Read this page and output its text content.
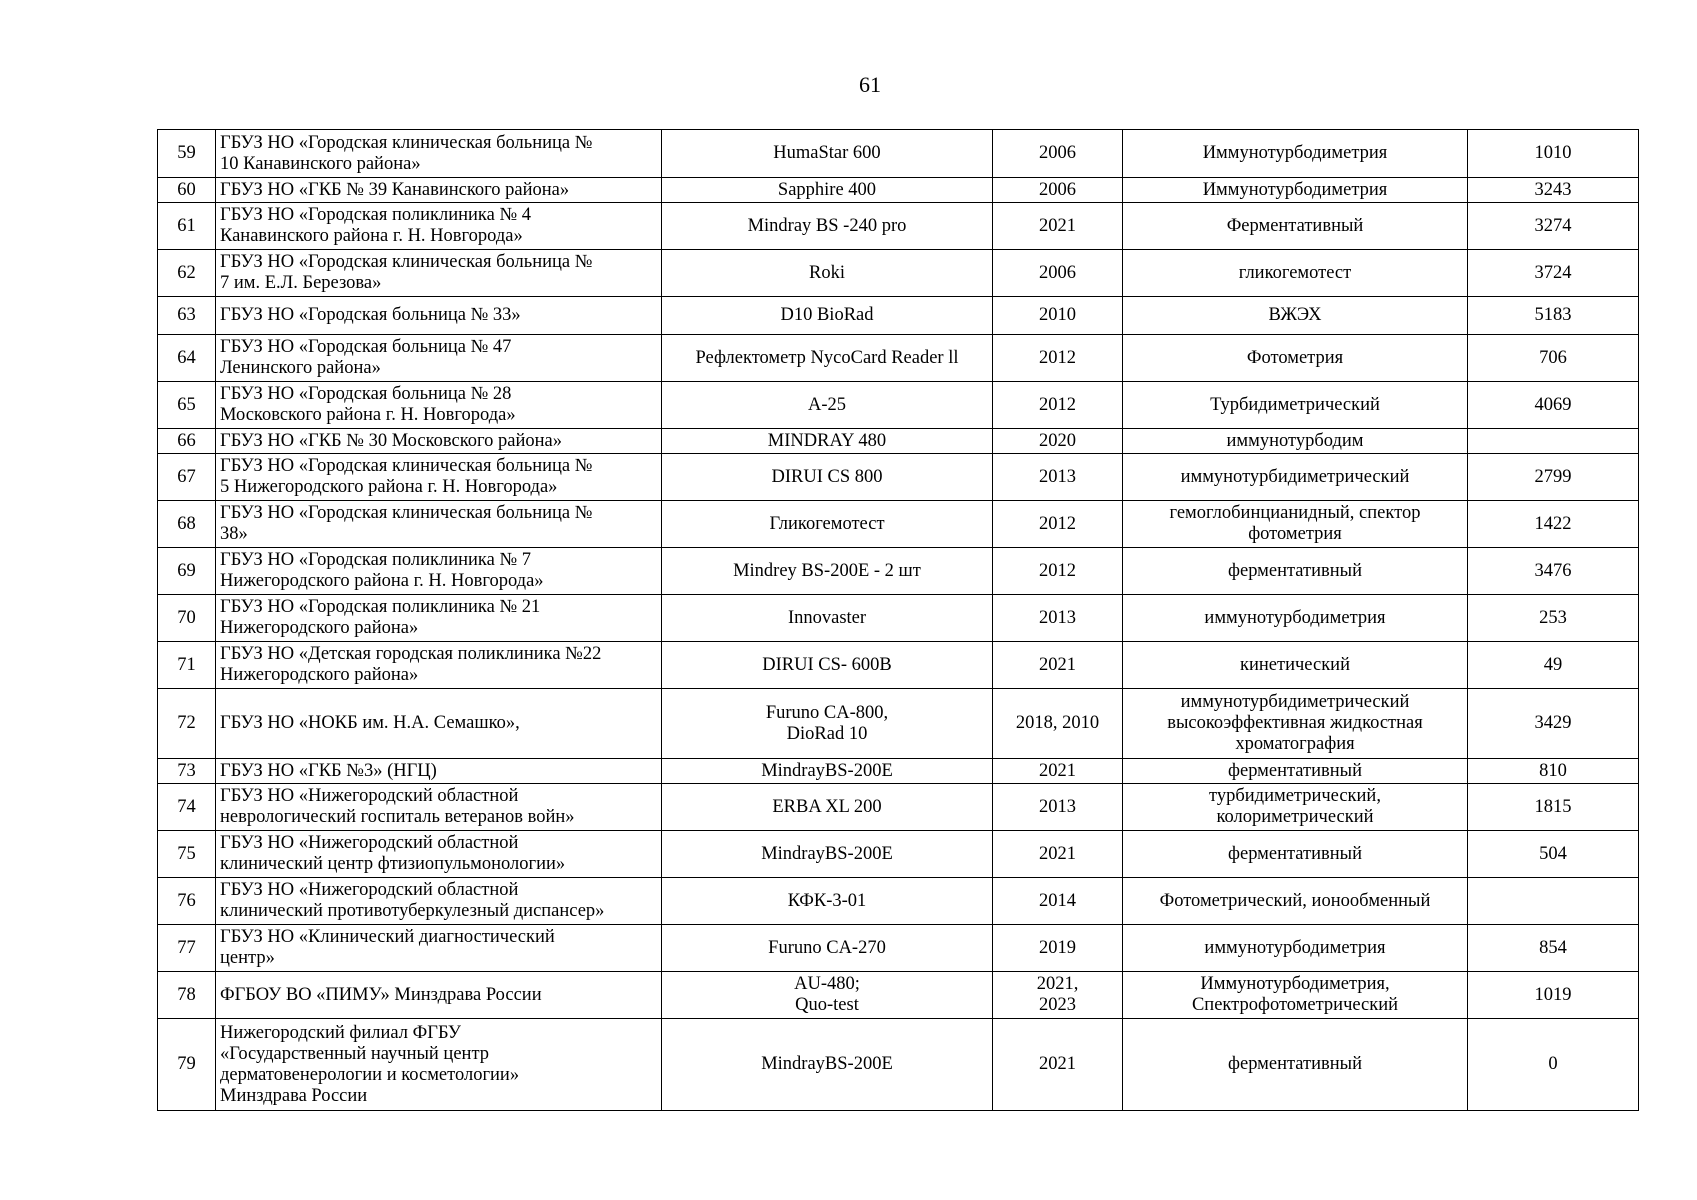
61
59	ГБУЗ НО «Городская клиническая больница №
10 Канавинского района»	HumaStar 600	2006	Иммунотурбодиметрия	1010
60	ГБУЗ НО «ГКБ № 39 Канавинского района»	Sapphire 400	2006	Иммунотурбодиметрия	3243
61	ГБУЗ НО «Городская поликлиника № 4
Канавинского района г. Н. Новгорода»	Mindray BS -240 pro	2021	Ферментативный	3274
62	ГБУЗ НО «Городская клиническая больница №
7 им. Е.Л. Березова»	Roki	2006	гликогемотест	3724
63	ГБУЗ НО «Городская больница № 33»	D10 BioRad	2010	ВЖЭХ	5183
64	ГБУЗ НО «Городская больница № 47
Ленинского района»	Рефлектометр NycoCard Reader ll	2012	Фотометрия	706
65	ГБУЗ НО «Городская больница № 28
Московского района г. Н. Новгорода»	А-25	2012	Турбидиметрический	4069
66	ГБУЗ НО «ГКБ № 30 Московского района»	MINDRAY 480	2020	иммунотурбодим	

67	ГБУЗ НО «Городская клиническая больница №
5 Нижегородского района г. Н. Новгорода»	DIRUI CS 800	2013	иммунотурбидиметрический	2799
68	ГБУЗ НО «Городская клиническая больница №
38»	Гликогемотест	2012	гемоглобинцианидный, спектор
фотометрия	1422
69	ГБУЗ НО «Городская поликлиника № 7
Нижегородского района г. Н. Новгорода»	Mindrey BS-200E - 2 шт	2012	ферментативный	3476
70	ГБУЗ НО «Городская поликлиника № 21
Нижегородского района»	Innovaster	2013	иммунотурбодиметрия	253
71	ГБУЗ НО «Детская городская поликлиника №22
Нижегородского района»	DIRUI CS- 600B	2021	кинетический	49
72	ГБУЗ НО «НОКБ им. Н.А. Семашко»,	Furuno CA-800,
DioRad 10	2018, 2010	иммунотурбидиметрический
высокоэффективная жидкостная
хроматография	3429
73	ГБУЗ НО «ГКБ №3» (НГЦ)	MindrayBS-200E	2021	ферментативный	810
74	ГБУЗ НО «Нижегородский областной
неврологический госпиталь ветеранов войн»	ERBA XL 200	2013	турбидиметрический,
колориметрический	1815
75	ГБУЗ НО «Нижегородский областной
клинический центр фтизиопульмонологии»	MindrayBS-200E	2021	ферментативный	504
76	ГБУЗ НО «Нижегородский областной
клинический противотуберкулезный диспансер»	КФК-3-01	2014	Фотометрический, ионообменный	

77	ГБУЗ НО «Клинический диагностический
центр»	Furuno CA-270	2019	иммунотурбодиметрия	854
78	ФГБОУ ВО «ПИМУ» Минздрава России	AU-480;
Quo-test	2021,
2023	Иммунотурбодиметрия,
Спектрофотометрический	1019
79	Нижегородский филиал ФГБУ
«Государственный научный центр
дерматовенерологии и косметологии»
Минздрава России	MindrayBS-200E	2021	ферментативный	0
